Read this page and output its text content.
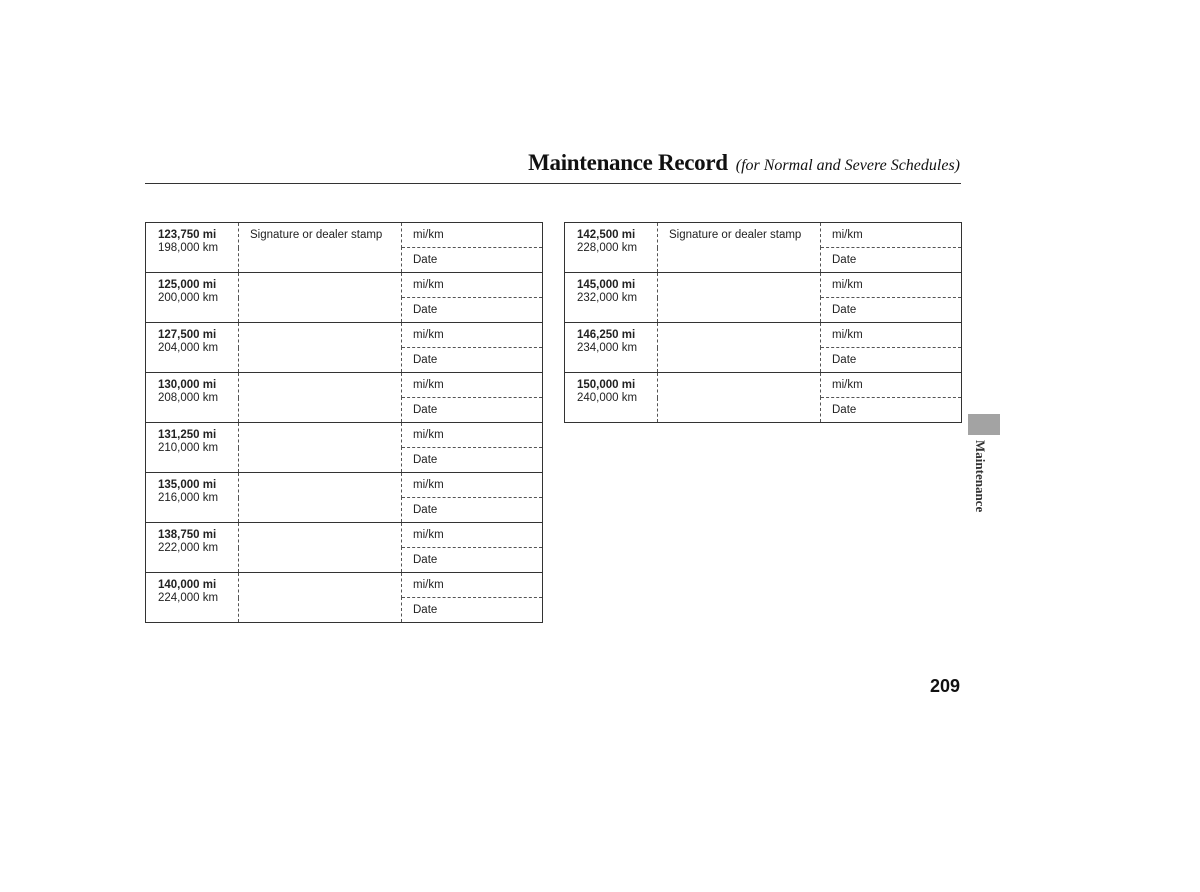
Maintenance Record (for Normal and Severe Schedules)
123,750 mi
198,000 km	Signature or dealer stamp	mi/km
		Date

125,000 mi
200,000 km		mi/km
		Date

127,500 mi
204,000 km		mi/km
		Date

130,000 mi
208,000 km		mi/km
		Date

131,250 mi
210,000 km		mi/km
		Date

135,000 mi
216,000 km		mi/km
		Date

138,750 mi
222,000 km		mi/km
		Date

140,000 mi
224,000 km		mi/km
		Date
142,500 mi
228,000 km	Signature or dealer stamp	mi/km
		Date

145,000 mi
232,000 km		mi/km
		Date

146,250 mi
234,000 km		mi/km
		Date

150,000 mi
240,000 km		mi/km
		Date
Maintenance
209
